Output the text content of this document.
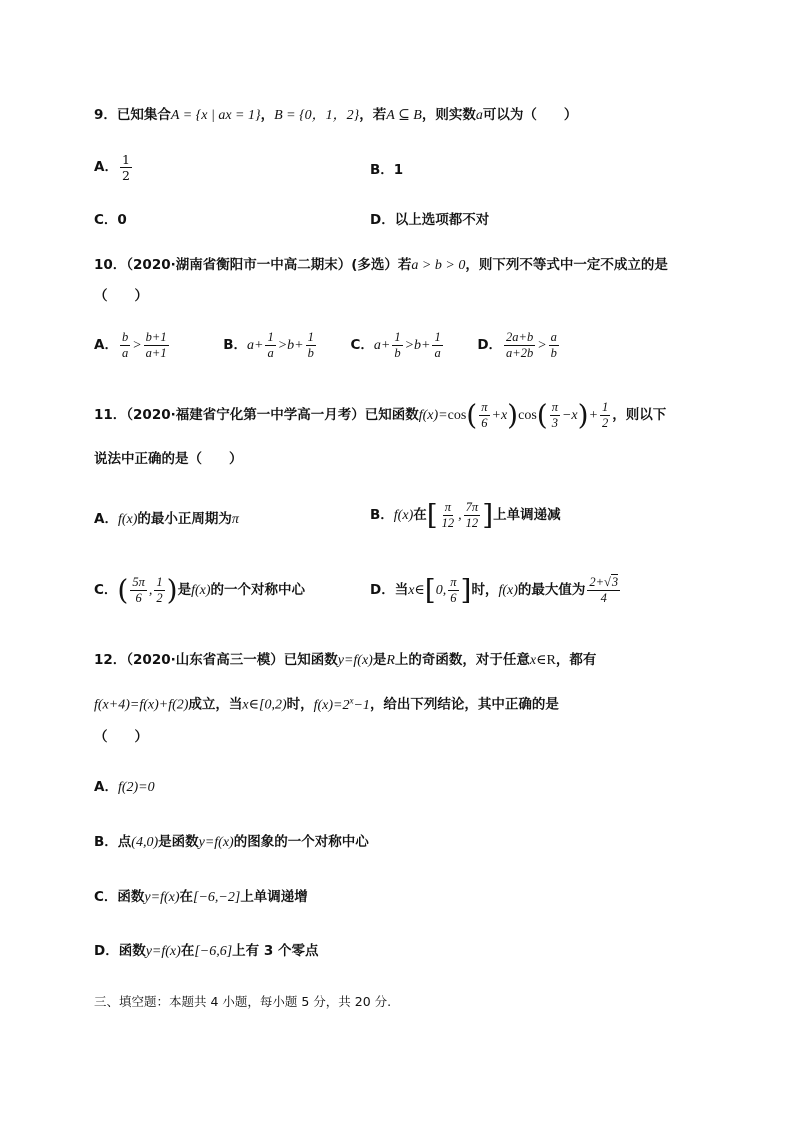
9．已知集合A = {x | ax = 1}，B = {0，1，2}，若A ⊆ B，则实数a可以为（　　）
A． $\frac{1}{2}$	B．1
C．0	D．以上选项都不对
10．（2020·湖南省衡阳市一中高二期末）(多选）若a > b > 0，则下列不等式中一定不成立的是
（　　）
A． $\frac{b}{a} > \frac{b+1}{a+1}$	B．$a+ \frac{1}{a} >b+ \frac{1}{b}$	C．$a+ \frac{1}{b} >b+ \frac{1}{a}$	D． $\frac{2a+b}{a+2b} > \frac{a}{b}$
11．（2020·福建省宁化第一中学高一月考）已知函数$f(x)=\cos( \frac{\pi}{6} +x)\cos( \frac{\pi}{3} -x)+ \frac{1}{2}$ ，则以下
说法中正确的是（　　）
A．f(x)的最小正周期为π	B．f(x)在[ $\frac{\pi}{12}$ , $\frac{7\pi}{12}$ ]上单调递减
C．( $\frac{5\pi}{6}$ , $\frac{1}{2}$ )是f(x)的一个对称中心	D．当x∈[0, $\frac{\pi}{6}$ ]时，f(x)的最大值为 $\frac{2+√3}{4}$
12．（2020·山东省高三一模）已知函数y=f(x)是R上的奇函数，对于任意x∈R，都有
f(x+4)=f(x)+f(2)成立，当x∈[0,2)时，$f(x)=2^x-1$，给出下列结论，其中正确的是
（　　）
A．f(2)=0
B．点(4,0)是函数y=f(x)的图象的一个对称中心
C．函数y=f(x)在[−6,−2]上单调递增
D．函数y=f(x)在[−6,6]上有 3 个零点
三、填空题：本题共 4 小题，每小题 5 分，共 20 分.
